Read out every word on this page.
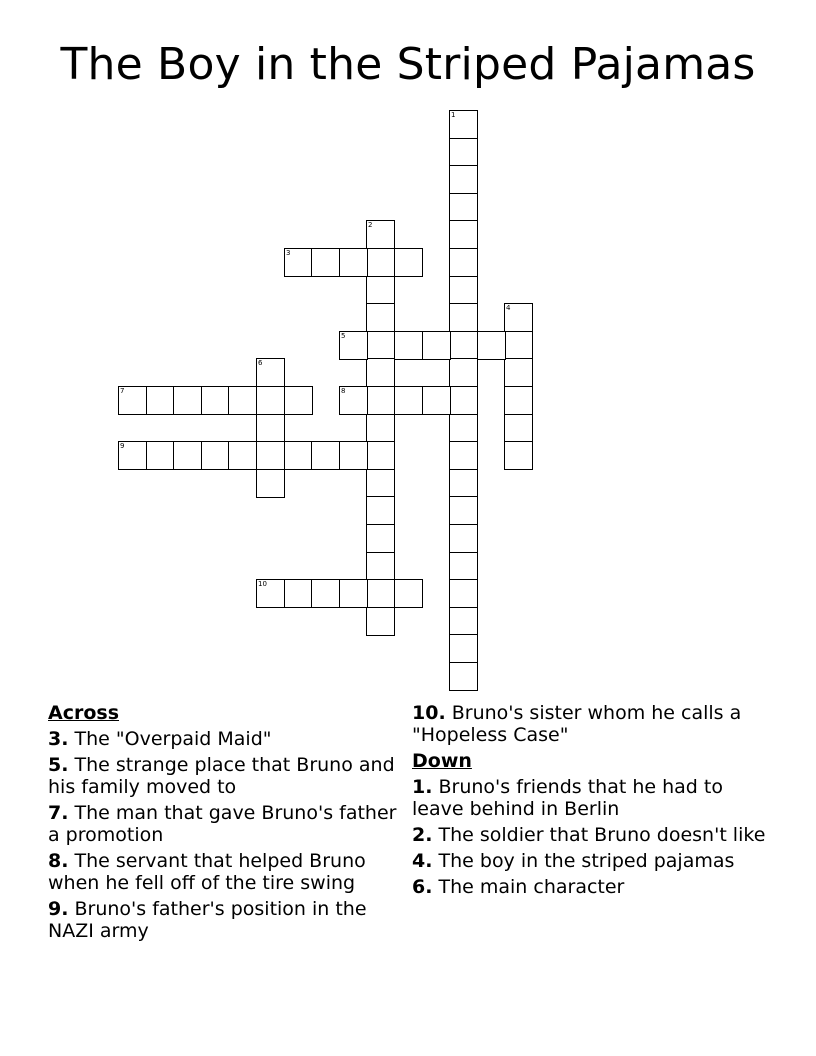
The Boy in the Striped Pajamas
1
2
3
4
5
6
7	8
9
10
Across
3. The "Overpaid Maid"
5. The strange place that Bruno and his family moved to
7. The man that gave Bruno's father a promotion
8. The servant that helped Bruno when he fell off of the tire swing
9. Bruno's father's position in the NAZI army
10. Bruno's sister whom he calls a "Hopeless Case"
Down
1. Bruno's friends that he had to leave behind in Berlin
2. The soldier that Bruno doesn't like
4. The boy in the striped pajamas
6. The main character
